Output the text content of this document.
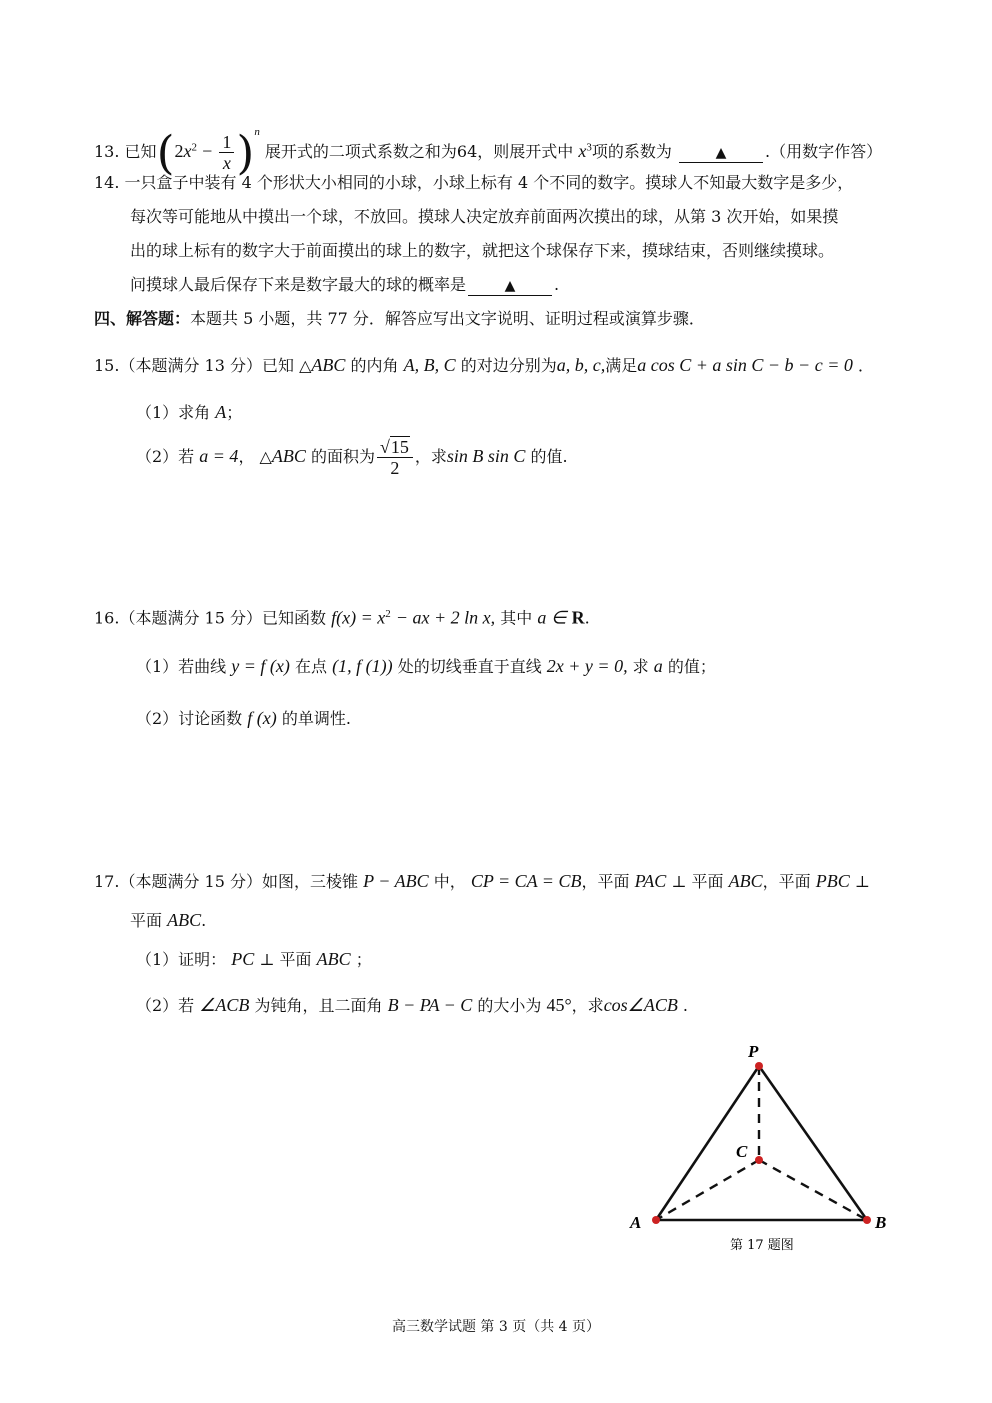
13. 已知$(2x^2 - \frac{1}{x} )^n$ 展开式的二项式系数之和为64，则展开式中 $x^3$项的系数为	▲ .（用数字作答）
14. 一只盒子中装有 4 个形状大小相同的小球，小球上标有 4 个不同的数字。摸球人不知最大数字是多少，
每次等可能地从中摸出一个球，不放回。摸球人决定放弃前面两次摸出的球，从第 3 次开始，如果摸
出的球上标有的数字大于前面摸出的球上的数字，就把这个球保存下来，摸球结束，否则继续摸球。
问摸球人最后保存下来是数字最大的球的概率是	▲ .
四、解答题：本题共 5 小题，共 77 分．解答应写出文字说明、证明过程或演算步骤．
15.（本题满分 13 分）已知 △ABC 的内角 A, B, C 的对边分别为a, b, c,满足a cos C + a sin C − b − c = 0 ．
（1）求角 A；
（2）若 a = 4， △ABC 的面积为 $\frac{√15}{2}$ ，求sin B sin C 的值.
16.（本题满分 15 分）已知函数 $f(x) = x^2$ − ax + 2 ln x, 其中 a ∈ R.
（1）若曲线 y = f (x) 在点 (1, f (1)) 处的切线垂直于直线 2x + y = 0, 求 a 的值；
（2）讨论函数 f (x) 的单调性.
17.（本题满分 15 分）如图，三棱锥 P − ABC 中， CP = CA = CB，平面 PAC ⊥ 平面 ABC，平面 PBC ⊥
平面 ABC.
（1）证明： PC ⊥ 平面 ABC ；
（2）若 ∠ACB 为钝角，且二面角 B − PA − C 的大小为 45°，求cos∠ACB .
P
C
A	B
第 17 题图
高三数学试题 第 3 页（共 4 页）
